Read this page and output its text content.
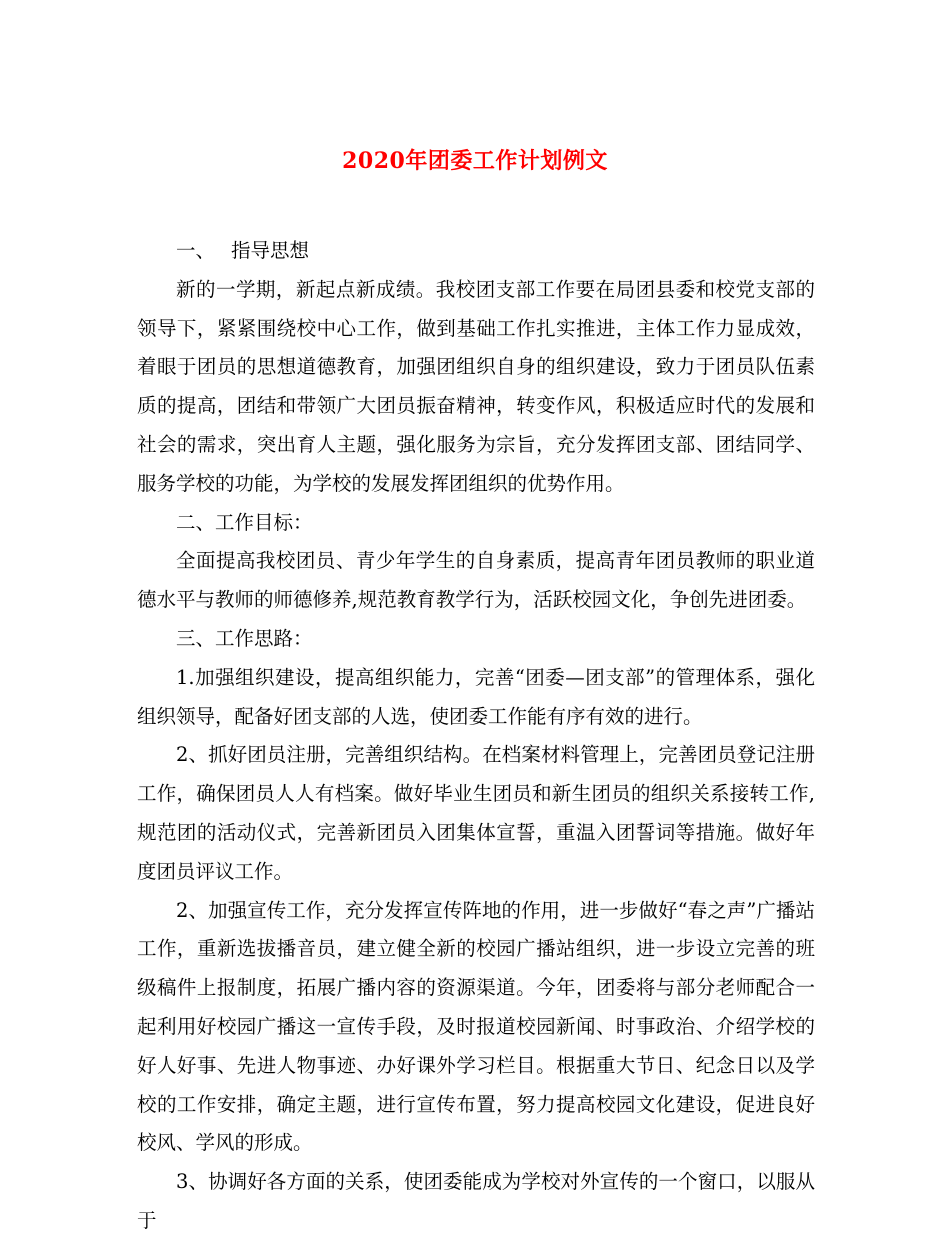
2020年团委工作计划例文

一、 指导思想

新的一学期，新起点新成绩。我校团支部工作要在局团县委和校党支部的领导下，紧紧围绕校中心工作，做到基础工作扎实推进，主体工作力显成效，着眼于团员的思想道德教育，加强团组织自身的组织建设，致力于团员队伍素质的提高，团结和带领广大团员振奋精神，转变作风，积极适应时代的发展和社会的需求，突出育人主题，强化服务为宗旨，充分发挥团支部、团结同学、服务学校的功能，为学校的发展发挥团组织的优势作用。

二、工作目标：

全面提高我校团员、青少年学生的自身素质，提高青年团员教师的职业道德水平与教师的师德修养,规范教育教学行为，活跃校园文化，争创先进团委。

三、工作思路：

1.加强组织建设，提高组织能力，完善“团委—团支部”的管理体系，强化组织领导，配备好团支部的人选，使团委工作能有序有效的进行。

2、抓好团员注册，完善组织结构。在档案材料管理上，完善团员登记注册工作，确保团员人人有档案。做好毕业生团员和新生团员的组织关系接转工作,规范团的活动仪式，完善新团员入团集体宣誓，重温入团誓词等措施。做好年度团员评议工作。

2、加强宣传工作，充分发挥宣传阵地的作用，进一步做好“春之声”广播站工作，重新选拔播音员，建立健全新的校园广播站组织，进一步设立完善的班级稿件上报制度，拓展广播内容的资源渠道。今年，团委将与部分老师配合一起利用好校园广播这一宣传手段，及时报道校园新闻、时事政治、介绍学校的好人好事、先进人物事迹、办好课外学习栏目。根据重大节日、纪念日以及学校的工作安排，确定主题，进行宣传布置，努力提高校园文化建设，促进良好校风、学风的形成。

3、协调好各方面的关系，使团委能成为学校对外宣传的一个窗口，以服从于
